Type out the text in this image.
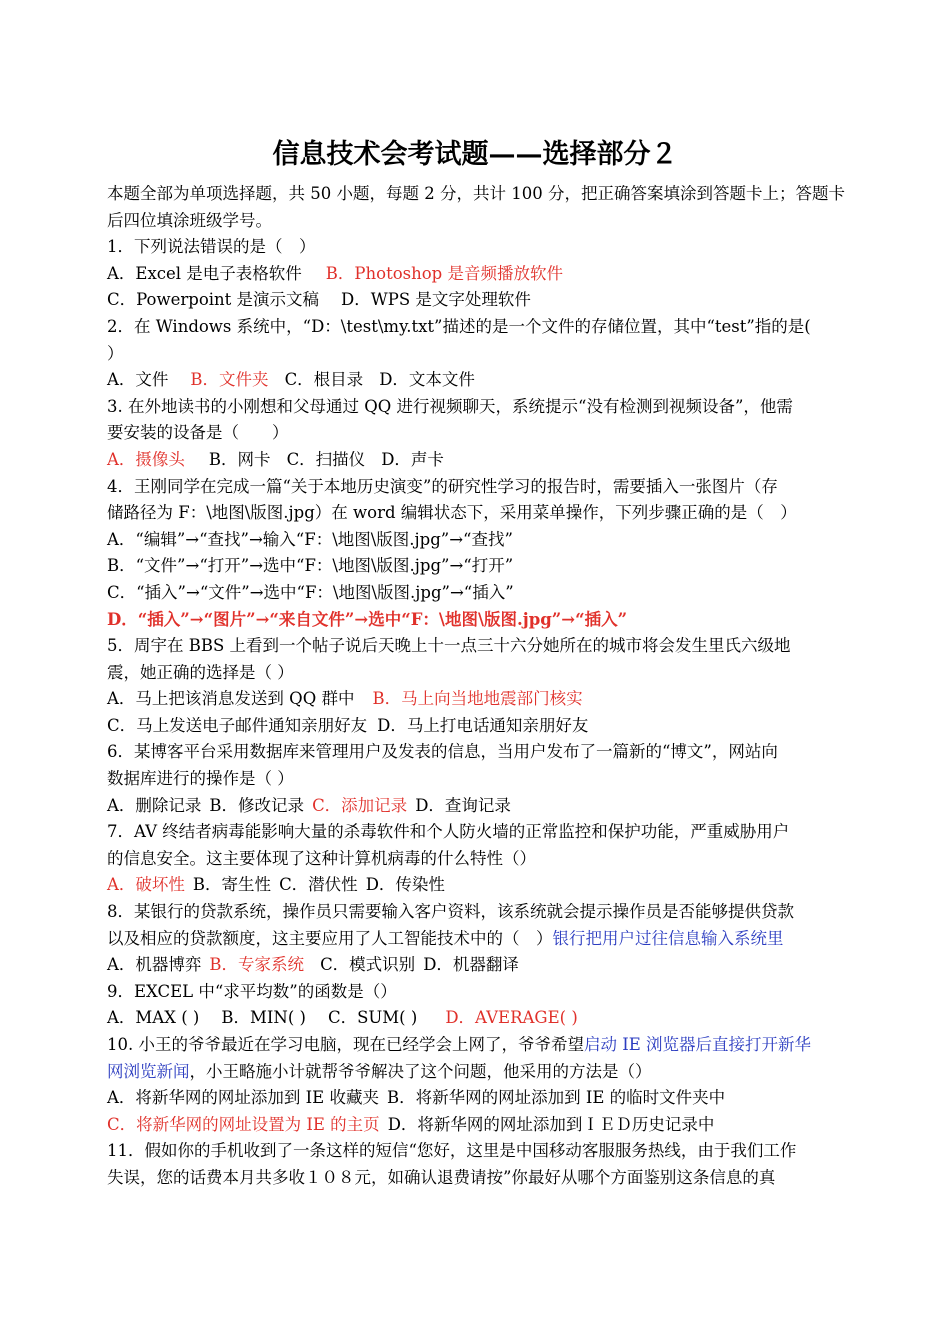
信息技术会考试题——选择部分２
本题全部为单项选择题，共 50 小题，每题 2 分，共计 100 分，把正确答案填涂到答题卡上；答题卡
后四位填涂班级学号。
1．下列说法错误的是（　）
A．Excel 是电子表格软件 B．Photoshop 是音频播放软件
C．Powerpoint 是演示文稿 D．WPS 是文字处理软件
2．在 Windows 系统中，“D：\test\my.txt”描述的是一个文件的存储位置，其中“test”指的是(
）
A．文件 B．文件夹 C．根目录 D．文本文件
3. 在外地读书的小刚想和父母通过 QQ 进行视频聊天，系统提示“没有检测到视频设备”，他需
要安装的设备是（　　）
A．摄像头 B．网卡 C．扫描仪 D．声卡
4．王刚同学在完成一篇“关于本地历史演变”的研究性学习的报告时，需要插入一张图片（存
储路径为 F：\地图\版图.jpg）在 word 编辑状态下，采用菜单操作，下列步骤正确的是（　）
A．“编辑”→“查找”→输入“F：\地图\版图.jpg”→“查找”
B．“文件”→“打开”→选中“F：\地图\版图.jpg”→“打开”
C．“插入”→“文件”→选中“F：\地图\版图.jpg”→“插入”
D．“插入”→“图片”→“来自文件”→选中“F：\地图\版图.jpg”→“插入”
5．周宇在 BBS 上看到一个帖子说后天晚上十一点三十六分她所在的城市将会发生里氏六级地
震，她正确的选择是（ ）
A．马上把该消息发送到 QQ 群中 B．马上向当地地震部门核实
C．马上发送电子邮件通知亲朋好友 D．马上打电话通知亲朋好友
6．某博客平台采用数据库来管理用户及发表的信息，当用户发布了一篇新的“博文”，网站向
数据库进行的操作是（ ）
A．删除记录 B．修改记录 C．添加记录 D．查询记录
7．AV 终结者病毒能影响大量的杀毒软件和个人防火墙的正常监控和保护功能，严重威胁用户
的信息安全。这主要体现了这种计算机病毒的什么特性（）
A．破坏性 B．寄生性 C．潜伏性 D．传染性
8．某银行的贷款系统，操作员只需要输入客户资料，该系统就会提示操作员是否能够提供贷款
以及相应的贷款额度，这主要应用了人工智能技术中的（　）银行把用户过往信息输入系统里
A．机器博弈 B．专家系统 C．模式识别 D．机器翻译
9．EXCEL 中“求平均数”的函数是（）
A．MAX ( ) B．MIN( ) C．SUM( ) D．AVERAGE( )
10. 小王的爷爷最近在学习电脑，现在已经学会上网了，爷爷希望启动 IE 浏览器后直接打开新华
网浏览新闻，小王略施小计就帮爷爷解决了这个问题，他采用的方法是（）
A．将新华网的网址添加到 IE 收藏夹 B．将新华网的网址添加到 IE 的临时文件夹中
C．将新华网的网址设置为 IE 的主页 D．将新华网的网址添加到ＩＥＤ历史记录中
11．假如你的手机收到了一条这样的短信“您好，这里是中国移动客服服务热线，由于我们工作
失误，您的话费本月共多收１０８元，如确认退费请按”你最好从哪个方面鉴别这条信息的真
